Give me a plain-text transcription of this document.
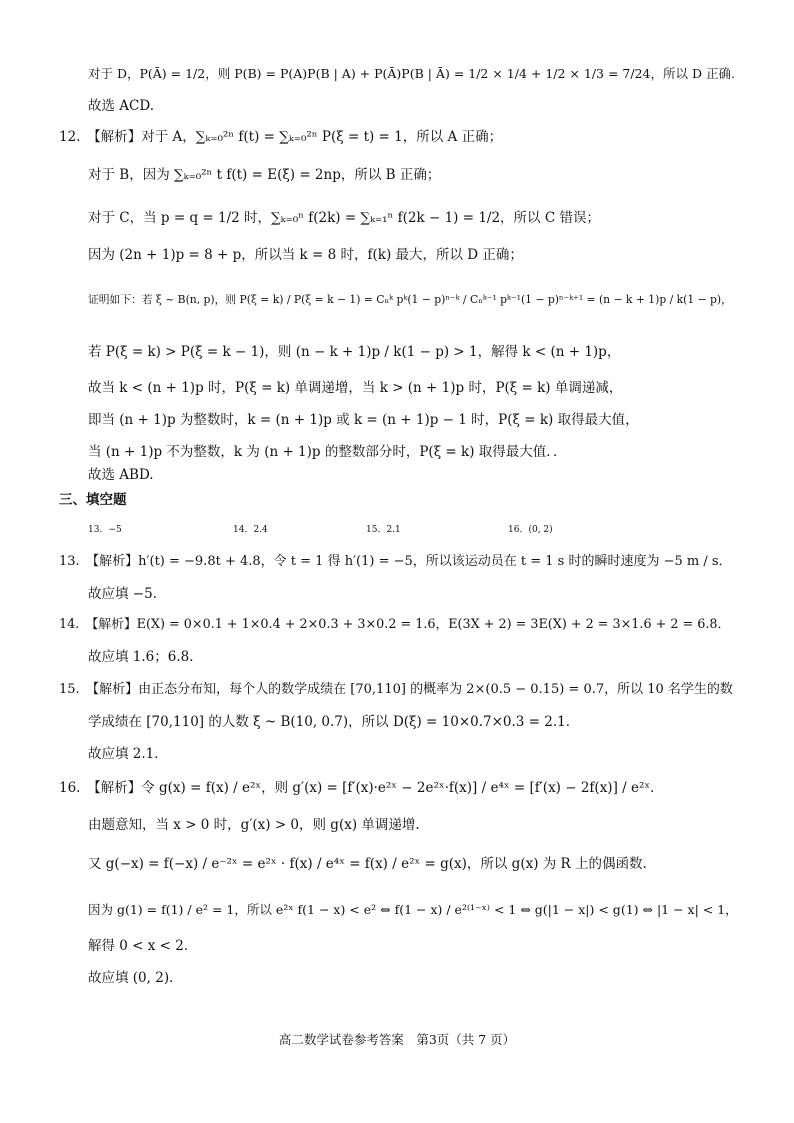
对于 D，P(Ā) = 1/2，则 P(B) = P(A)P(B | A) + P(Ā)P(B | Ā) = 1/2 × 1/4 + 1/2 × 1/3 = 7/24，所以 D 正确.
故选 ACD.
12.　【解析】对于 A，∑ₖ₌₀²ⁿ f(t) = ∑ₖ₌₀²ⁿ P(ξ = t) = 1，所以 A 正确；
对于 B，因为 ∑ₖ₌₀²ⁿ t f(t) = E(ξ) = 2np，所以 B 正确；
对于 C，当 p = q = 1/2 时，∑ₖ₌₀ⁿ f(2k) = ∑ₖ₌₁ⁿ f(2k − 1) = 1/2，所以 C 错误；
因为 (2n + 1)p = 8 + p，所以当 k = 8 时，f(k) 最大，所以 D 正确；
证明如下：若 ξ ~ B(n, p)，则 P(ξ = k) / P(ξ = k − 1) = Cₙᵏ pᵏ(1 − p)ⁿ⁻ᵏ / Cₙᵏ⁻¹ pᵏ⁻¹(1 − p)ⁿ⁻ᵏ⁺¹ = (n − k + 1)p / k(1 − p)，
若 P(ξ = k) > P(ξ = k − 1)，则 (n − k + 1)p / k(1 − p) > 1，解得 k < (n + 1)p，
故当 k < (n + 1)p 时，P(ξ = k) 单调递增，当 k > (n + 1)p 时，P(ξ = k) 单调递减，
即当 (n + 1)p 为整数时，k = (n + 1)p 或 k = (n + 1)p − 1 时，P(ξ = k) 取得最大值，
当 (n + 1)p 不为整数，k 为 (n + 1)p 的整数部分时，P(ξ = k) 取得最大值．．
故选 ABD.
三、填空题
13．−5	14．2.4	15．2.1	16．(0, 2)
13.　【解析】h′(t) = −9.8t + 4.8，令 t = 1 得 h′(1) = −5，所以该运动员在 t = 1 s 时的瞬时速度为 −5 m / s．
故应填 −5．
14.　【解析】E(X) = 0×0.1 + 1×0.4 + 2×0.3 + 3×0.2 = 1.6，E(3X + 2) = 3E(X) + 2 = 3×1.6 + 2 = 6.8．
故应填 1.6；6.8．
15.　【解析】由正态分布知，每个人的数学成绩在 [70,110] 的概率为 2×(0.5 − 0.15) = 0.7，所以 10 名学生的数
学成绩在 [70,110] 的人数 ξ ~ B(10, 0.7)，所以 D(ξ) = 10×0.7×0.3 = 2.1．
故应填 2.1．
16.　【解析】令 g(x) = f(x) / e²ˣ，则 g′(x) = [f′(x)·e²ˣ − 2e²ˣ·f(x)] / e⁴ˣ = [f′(x) − 2f(x)] / e²ˣ．
由题意知，当 x > 0 时，g′(x) > 0，则 g(x) 单调递增.
又 g(−x) = f(−x) / e⁻²ˣ = e²ˣ · f(x) / e⁴ˣ = f(x) / e²ˣ = g(x)，所以 g(x) 为 R 上的偶函数.
因为 g(1) = f(1) / e² = 1，所以 e²ˣ f(1 − x) < e² ⇔ f(1 − x) / e²⁽¹⁻ˣ⁾ < 1 ⇔ g(|1 − x|) < g(1) ⇔ |1 − x| < 1，
解得 0 < x < 2．
故应填 (0, 2)．
高二数学试卷参考答案　第3页（共 7 页）
